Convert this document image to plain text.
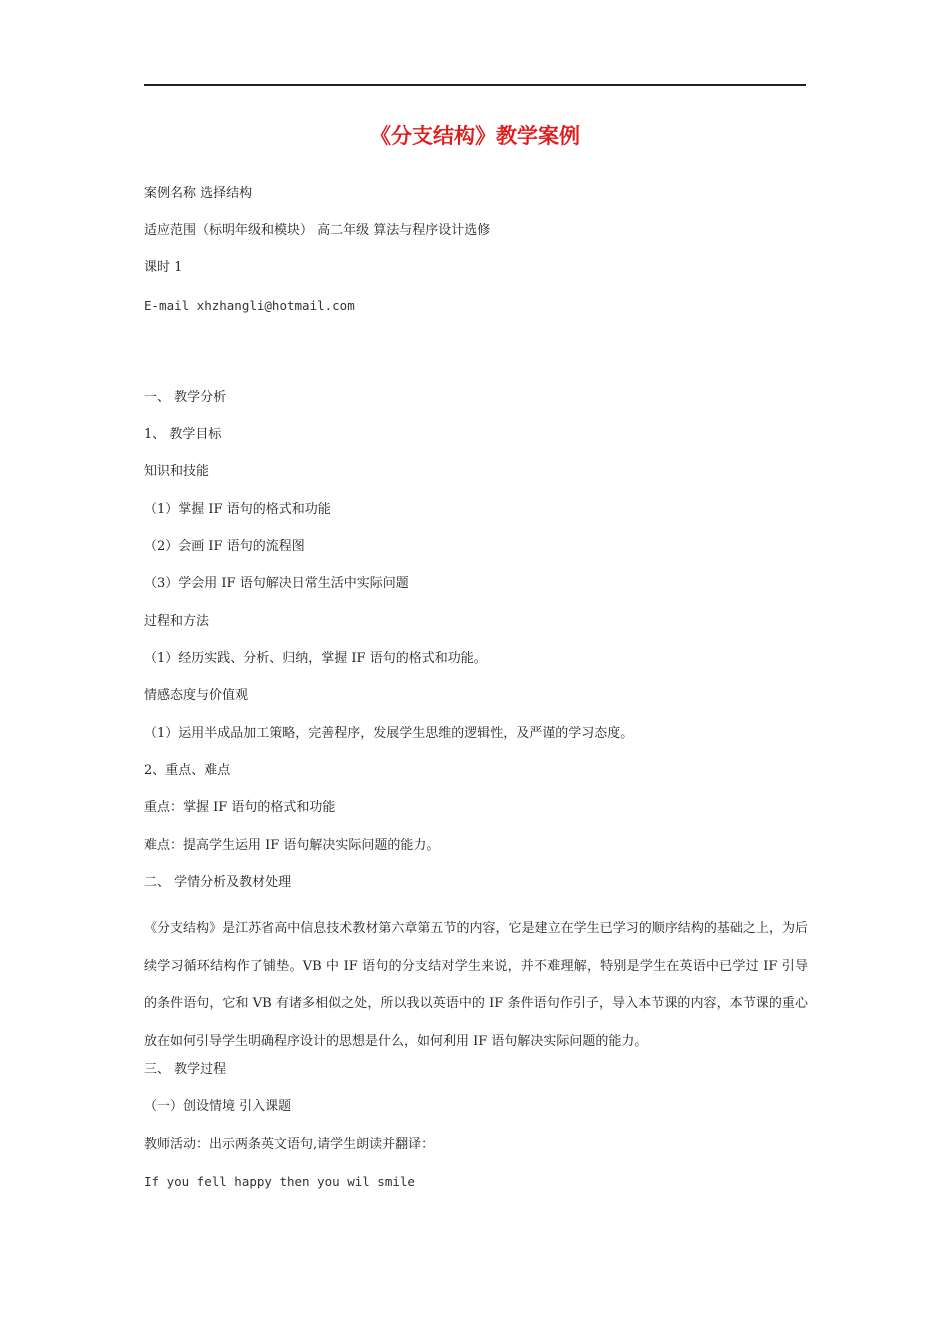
《分支结构》教学案例
案例名称 选择结构
适应范围（标明年级和模块） 高二年级 算法与程序设计选修
课时 1
E-mail xhzhangli@hotmail.com
一、 教学分析
1、 教学目标
知识和技能
（1）掌握 IF 语句的格式和功能
（2）会画 IF 语句的流程图
（3）学会用 IF 语句解决日常生活中实际问题
过程和方法
（1）经历实践、分析、归纳，掌握 IF 语句的格式和功能。
情感态度与价值观
（1）运用半成品加工策略，完善程序，发展学生思维的逻辑性，及严谨的学习态度。
2、重点、难点
重点：掌握 IF 语句的格式和功能
难点：提高学生运用 IF 语句解决实际问题的能力。
二、 学情分析及教材处理
《分支结构》是江苏省高中信息技术教材第六章第五节的内容，它是建立在学生已学习的顺序结构的基础之上，为后续学习循环结构作了铺垫。VB 中 IF 语句的分支结对学生来说，并不难理解，特别是学生在英语中已学过 IF 引导的条件语句，它和 VB 有诸多相似之处，所以我以英语中的 IF 条件语句作引子，导入本节课的内容，本节课的重心放在如何引导学生明确程序设计的思想是什么，如何利用 IF 语句解决实际问题的能力。
三、 教学过程
（一）创设情境 引入课题
教师活动：出示两条英文语句,请学生朗读并翻译：
If you fell happy then you wil smile
